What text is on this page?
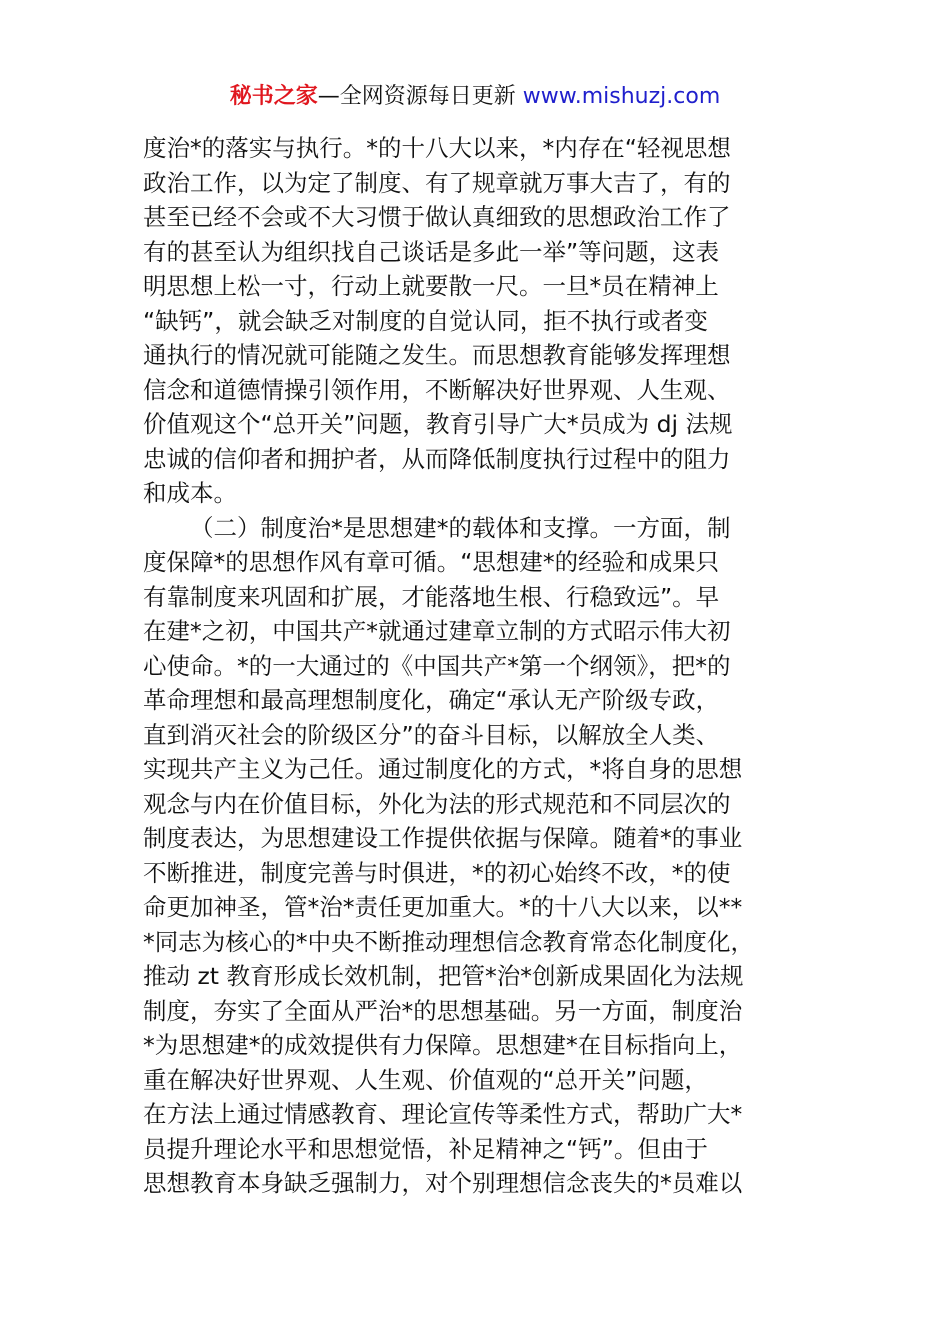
秘书之家—全网资源每日更新 www.mishuzj.com
度治*的落实与执行。*的十八大以来，*内存在“轻视思想
政治工作，以为定了制度、有了规章就万事大吉了，有的
甚至已经不会或不大习惯于做认真细致的思想政治工作了
有的甚至认为组织找自己谈话是多此一举”等问题，这表
明思想上松一寸，行动上就要散一尺。一旦*员在精神上
“缺钙”，就会缺乏对制度的自觉认同，拒不执行或者变
通执行的情况就可能随之发生。而思想教育能够发挥理想
信念和道德情操引领作用，不断解决好世界观、人生观、
价值观这个“总开关”问题，教育引导广大*员成为 dj 法规
忠诚的信仰者和拥护者，从而降低制度执行过程中的阻力
和成本。
（二）制度治*是思想建*的载体和支撑。一方面，制
度保障*的思想作风有章可循。“思想建*的经验和成果只
有靠制度来巩固和扩展，才能落地生根、行稳致远”。早
在建*之初，中国共产*就通过建章立制的方式昭示伟大初
心使命。*的一大通过的《中国共产*第一个纲领》，把*的
革命理想和最高理想制度化，确定“承认无产阶级专政，
直到消灭社会的阶级区分”的奋斗目标，以解放全人类、
实现共产主义为己任。通过制度化的方式，*将自身的思想
观念与内在价值目标，外化为法的形式规范和不同层次的
制度表达，为思想建设工作提供依据与保障。随着*的事业
不断推进，制度完善与时俱进，*的初心始终不改，*的使
命更加神圣，管*治*责任更加重大。*的十八大以来，以**
*同志为核心的*中央不断推动理想信念教育常态化制度化，
推动 zt 教育形成长效机制，把管*治*创新成果固化为法规
制度，夯实了全面从严治*的思想基础。另一方面，制度治
*为思想建*的成效提供有力保障。思想建*在目标指向上，
重在解决好世界观、人生观、价值观的“总开关”问题，
在方法上通过情感教育、理论宣传等柔性方式，帮助广大*
员提升理论水平和思想觉悟，补足精神之“钙”。但由于
思想教育本身缺乏强制力，对个别理想信念丧失的*员难以
